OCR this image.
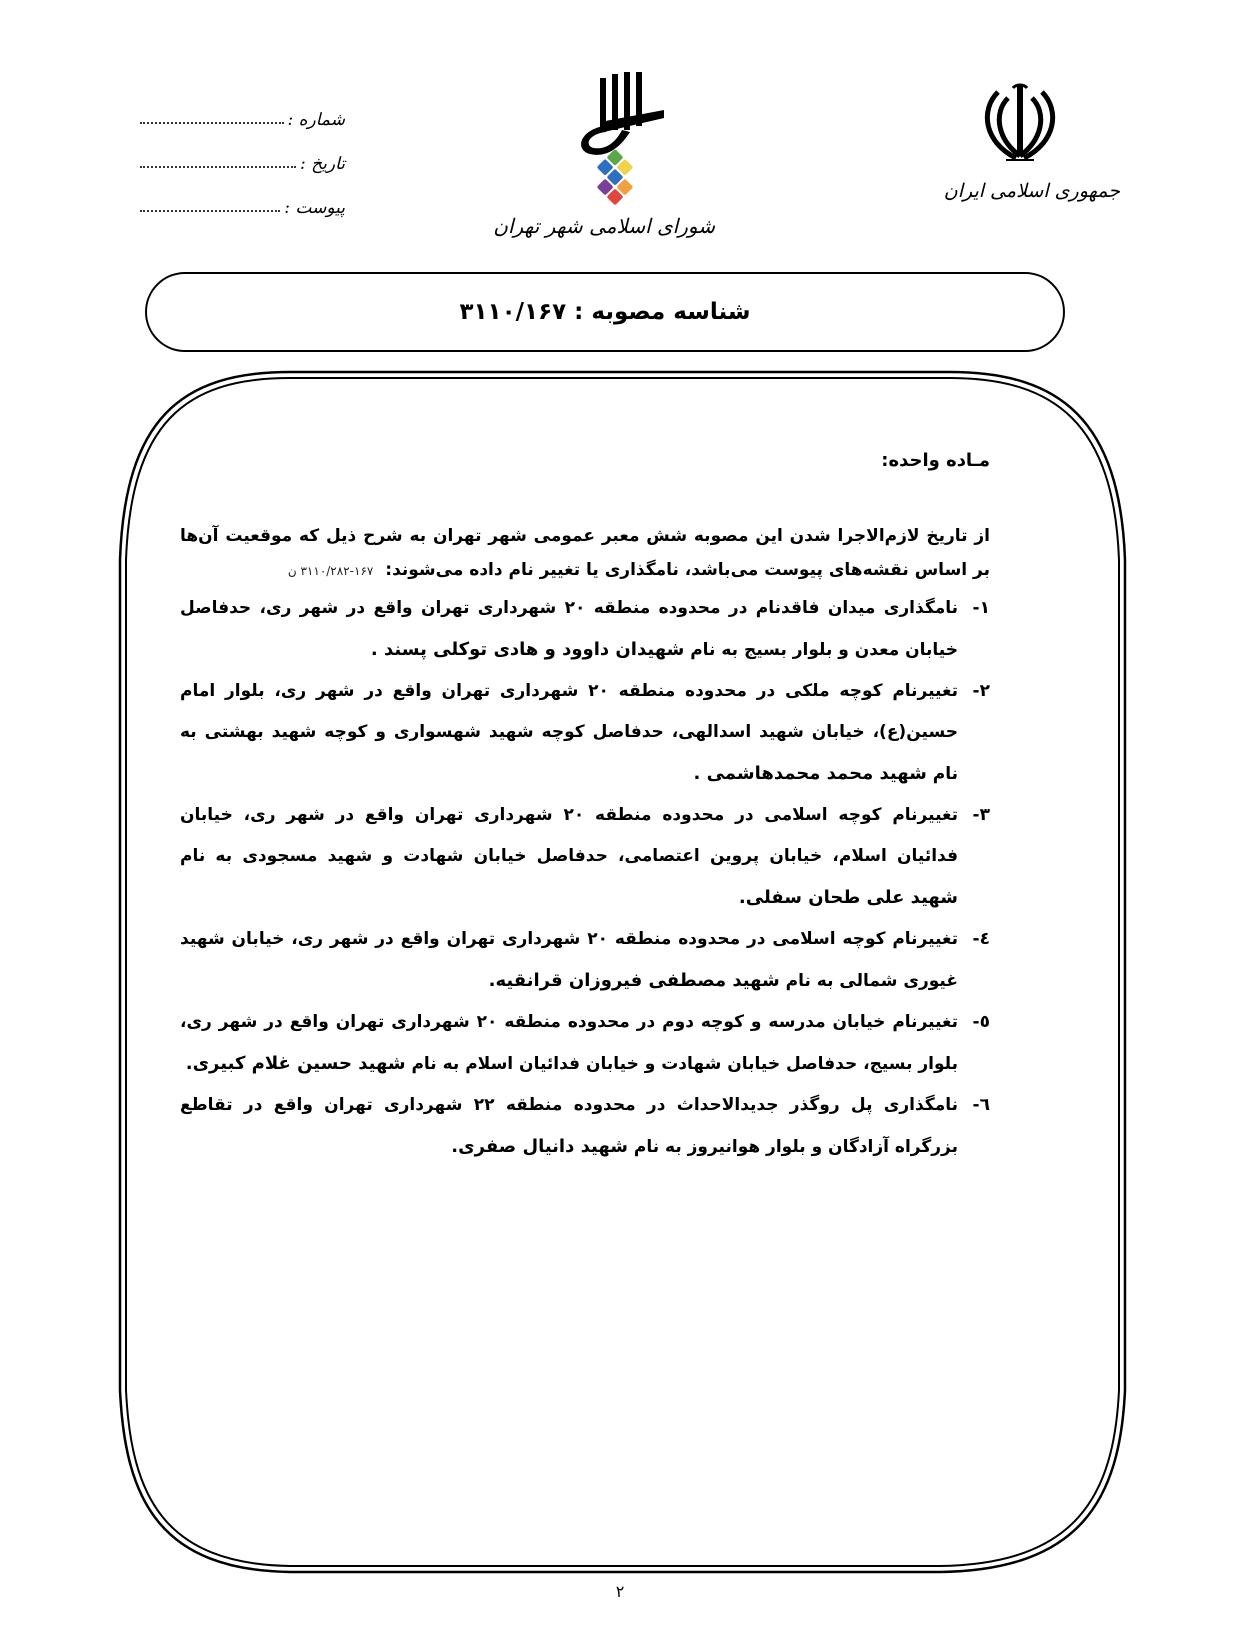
شماره :
تاریخ :
پیوست :
شورای اسلامی شهر تهران
جمهوری اسلامی ایران
شناسه مصوبه : ۳۱۱۰/۱۶۷
مـاده واحده:
از تاریخ لازم‌الاجرا شدن این مصوبه شش معبر عمومی شهر تهران به شرح ذیل که موقعیت آن‌ها بر اساس نقشه‌های پیوست می‌باشد، نامگذاری یا تغییر نام داده می‌شوند: ۱۶۷-۳۱۱۰/۲۸۲ ن
۱-
نامگذاری میدان فاقدنام در محدوده منطقه ۲۰ شهرداری تهران واقع در شهر ری، حدفاصل خیابان معدن و بلوار بسیج به نام شهیدان داوود و هادی توکلی پسند .
۲-
تغییرنام کوچه ملکی در محدوده منطقه ۲۰ شهرداری تهران واقع در شهر ری، بلوار امام حسین(ع)، خیابان شهید اسدالهی، حدفاصل کوچه شهید شهسواری و کوچه شهید بهشتی به نام شهید محمد محمدهاشمی .
۳-
تغییرنام کوچه اسلامی در محدوده منطقه ۲۰ شهرداری تهران واقع در شهر ری، خیابان فدائیان اسلام، خیابان پروین اعتصامی، حدفاصل خیابان شهادت و شهید مسجودی به نام شهید علی طحان سفلی.
٤-
تغییرنام کوچه اسلامی در محدوده منطقه ۲۰ شهرداری تهران واقع در شهر ری، خیابان شهید غیوری شمالی به نام شهید مصطفی فیروزان قرانقیه.
٥-
تغییرنام خیابان مدرسه و کوچه دوم در محدوده منطقه ۲۰ شهرداری تهران واقع در شهر ری، بلوار بسیج، حدفاصل خیابان شهادت و خیابان فدائیان اسلام به نام شهید حسین غلام کبیری.
٦-
نامگذاری پل روگذر جدیدالاحداث در محدوده منطقه ۲۲ شهرداری تهران واقع در تقاطع بزرگراه آزادگان و بلوار هوانیروز به نام شهید دانیال صفری.
۲
